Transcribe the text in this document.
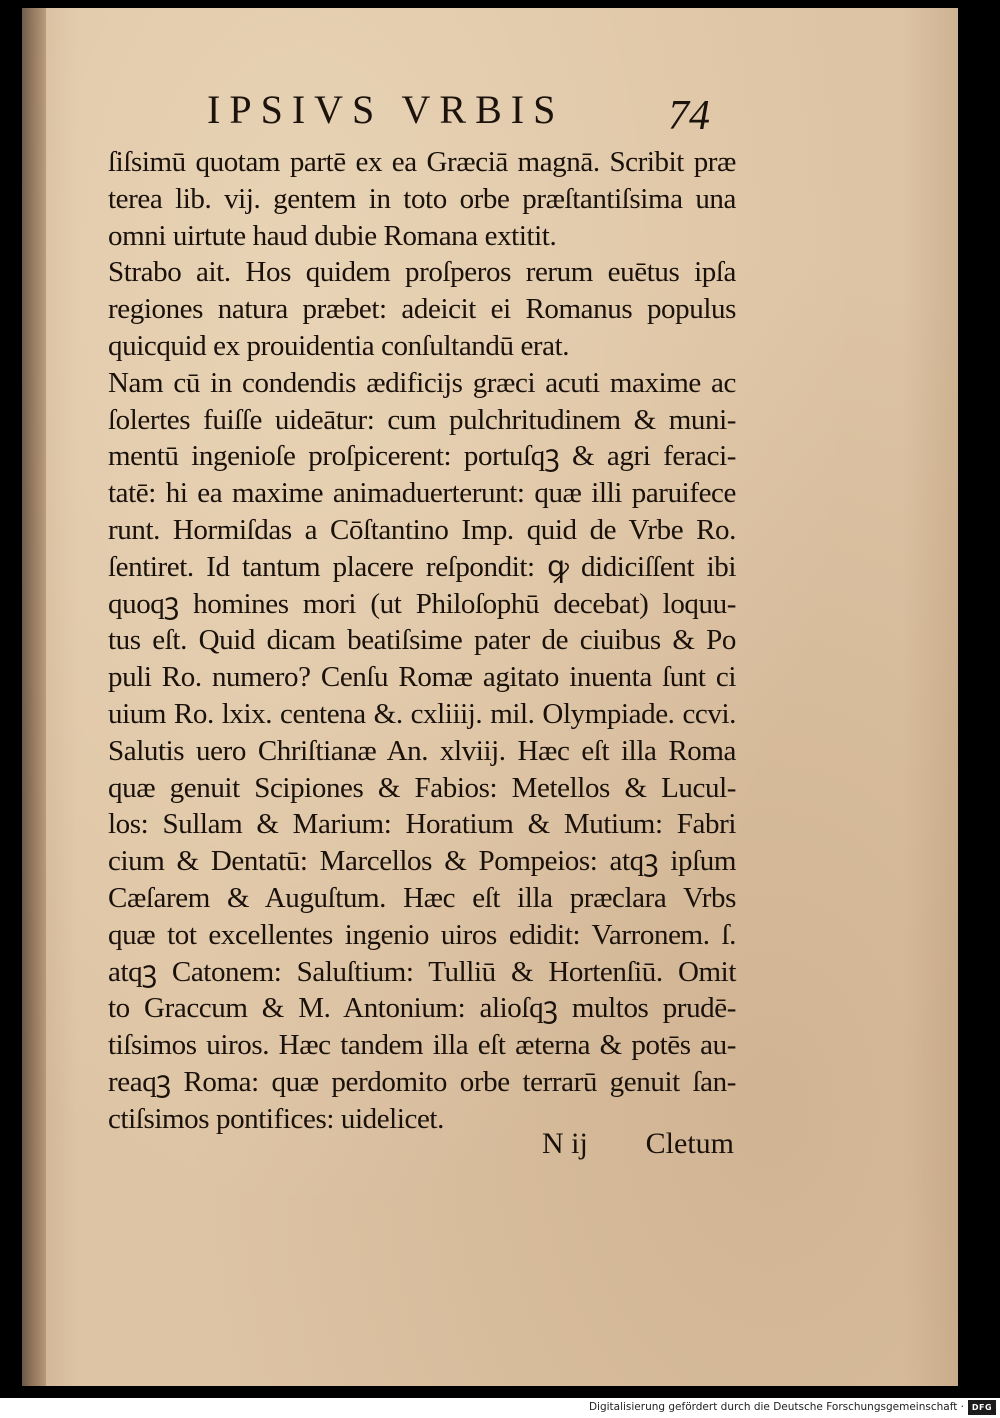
IPSIVS VRBIS	74
ſiſsimū quotam partē ex ea Græciā magnā. Scribit præ
terea lib. vij. gentem in toto orbe præſtantiſsima una
omni uirtute haud dubie Romana extitit.
Strabo ait. Hos quidem proſperos rerum euētus ipſa
regiones natura præbet: adeicit ei Romanus populus
quicquid ex prouidentia conſultandū erat.
Nam cū in condendis ædificijs græci acuti maxime ac
ſolertes fuiſſe uideātur: cum pulchritudinem & muni-
mentū ingenioſe proſpicerent: portuſqꝫ & agri feraci-
tatē: hi ea maxime animaduerterunt: quæ illi paruifece
runt. Hormiſdas a Cōſtantino Imp. quid de Vrbe Ro.
ſentiret. Id tantum placere reſpondit: ꝙ didiciſſent ibi
quoqꝫ homines mori (ut Philoſophū decebat) loquu-
tus eſt. Quid dicam beatiſsime pater de ciuibus & Po
puli Ro. numero? Cenſu Romæ agitato inuenta ſunt ci
uium Ro. lxix. centena &. cxliiij. mil. Olympiade. ccvi.
Salutis uero Chriſtianæ An. xlviij. Hæc eſt illa Roma
quæ genuit Scipiones & Fabios: Metellos & Lucul-
los: Sullam & Marium: Horatium & Mutium: Fabri
cium & Dentatū: Marcellos & Pompeios: atqꝫ ipſum
Cæſarem & Auguſtum. Hæc eſt illa præclara Vrbs
quæ tot excellentes ingenio uiros edidit: Varronem. ſ.
atqꝫ Catonem: Saluſtium: Tulliū & Hortenſiū. Omit
to Graccum & M. Antonium: alioſqꝫ multos prudē-
tiſsimos uiros. Hæc tandem illa eſt æterna & potēs au-
reaqꝫ Roma: quæ perdomito orbe terrarū genuit ſan-
ctiſsimos pontifices: uidelicet.
N ij Cletum
Digitalisierung gefördert durch die Deutsche Forschungsgemeinschaft · DFG
